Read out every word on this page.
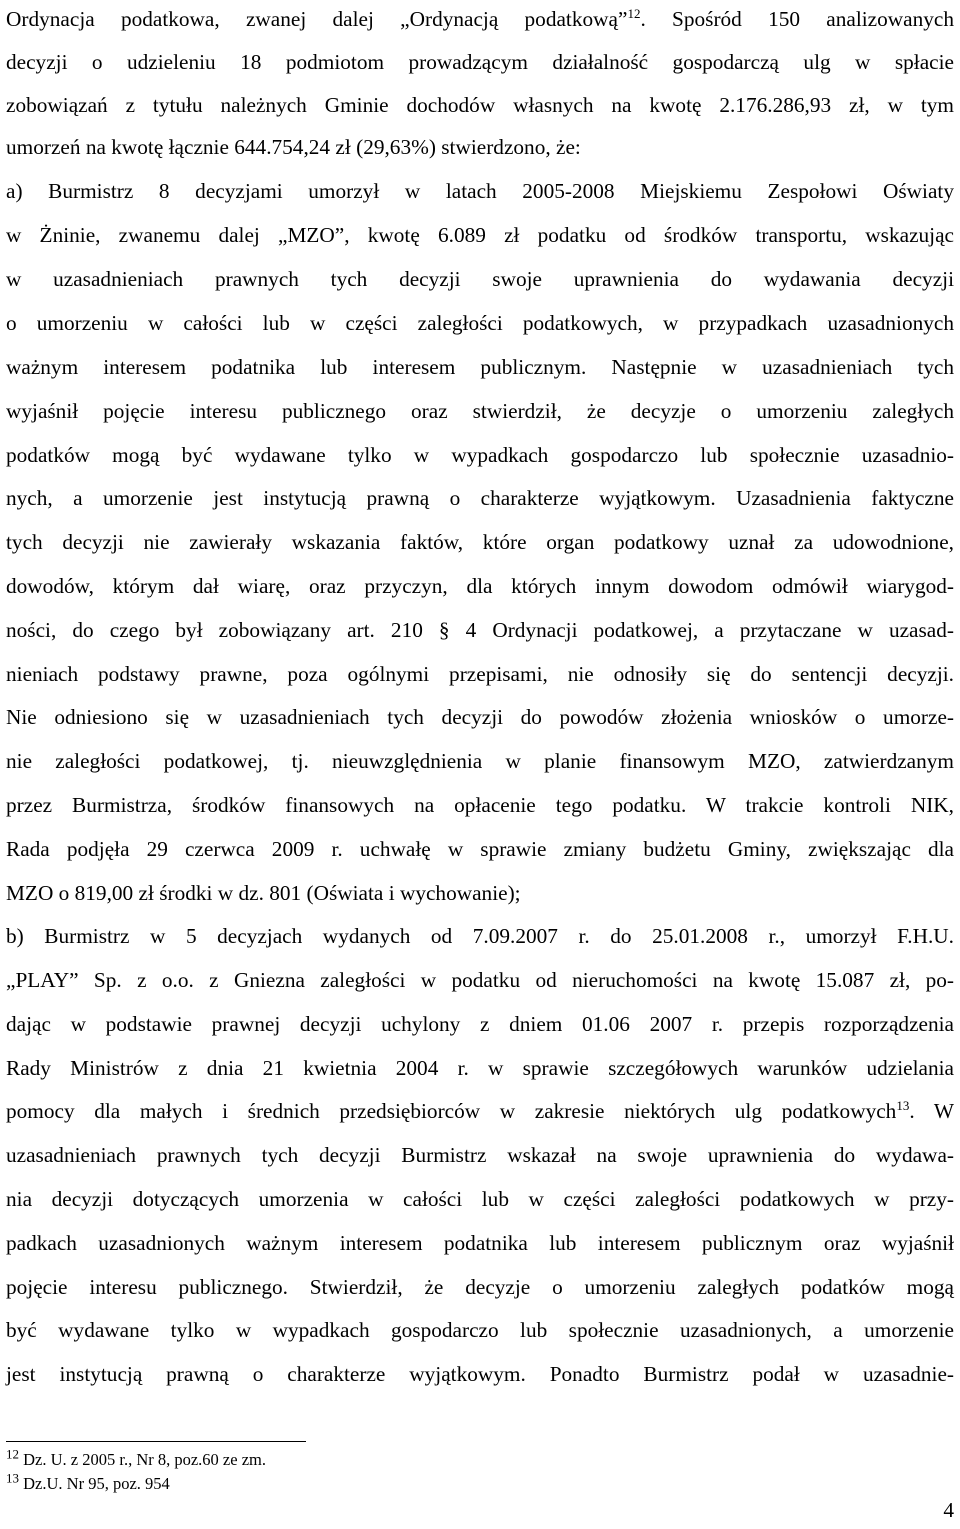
Ordynacja podatkowa, zwanej dalej „Ordynacją podatkową”$^{12}$. Spośród 150 analizowanych
decyzji o udzieleniu 18 podmiotom prowadzącym działalność gospodarczą ulg w spłacie
zobowiązań z tytułu należnych Gminie dochodów własnych na kwotę 2.176.286,93 zł, w tym
umorzeń na kwotę łącznie 644.754,24 zł (29,63%) stwierdzono, że:
a) Burmistrz 8 decyzjami umorzył w latach 2005-2008 Miejskiemu Zespołowi Oświaty
w Żninie, zwanemu dalej „MZO”, kwotę 6.089 zł podatku od środków transportu, wskazując
w uzasadnieniach prawnych tych decyzji swoje uprawnienia do wydawania decyzji
o umorzeniu w całości lub w części zaległości podatkowych, w przypadkach uzasadnionych
ważnym interesem podatnika lub interesem publicznym. Następnie w uzasadnieniach tych
wyjaśnił pojęcie interesu publicznego oraz stwierdził, że decyzje o umorzeniu zaległych
podatków mogą być wydawane tylko w wypadkach gospodarczo lub społecznie uzasadnio-
nych, a umorzenie jest instytucją prawną o charakterze wyjątkowym. Uzasadnienia faktyczne
tych decyzji nie zawierały wskazania faktów, które organ podatkowy uznał za udowodnione,
dowodów, którym dał wiarę, oraz przyczyn, dla których innym dowodom odmówił wiarygod-
ności, do czego był zobowiązany art. 210 § 4 Ordynacji podatkowej, a przytaczane w uzasad-
nieniach podstawy prawne, poza ogólnymi przepisami, nie odnosiły się do sentencji decyzji.
Nie odniesiono się w uzasadnieniach tych decyzji do powodów złożenia wniosków o umorze-
nie zaległości podatkowej, tj. nieuwzględnienia w planie finansowym MZO, zatwierdzanym
przez Burmistrza, środków finansowych na opłacenie tego podatku. W trakcie kontroli NIK,
Rada podjęła 29 czerwca 2009 r. uchwałę w sprawie zmiany budżetu Gminy, zwiększając dla
MZO o 819,00 zł środki w dz. 801 (Oświata i wychowanie);
b) Burmistrz w 5 decyzjach wydanych od 7.09.2007 r. do 25.01.2008 r., umorzył F.H.U.
„PLAY” Sp. z o.o. z Gniezna zaległości w podatku od nieruchomości na kwotę 15.087 zł, po-
dając w podstawie prawnej decyzji uchylony z dniem 01.06 2007 r. przepis rozporządzenia
Rady Ministrów z dnia 21 kwietnia 2004 r. w sprawie szczegółowych warunków udzielania
pomocy dla małych i średnich przedsiębiorców w zakresie niektórych ulg podatkowych$^{13}$. W
uzasadnieniach prawnych tych decyzji Burmistrz wskazał na swoje uprawnienia do wydawa-
nia decyzji dotyczących umorzenia w całości lub w części zaległości podatkowych w przy-
padkach uzasadnionych ważnym interesem podatnika lub interesem publicznym oraz wyjaśnił
pojęcie interesu publicznego. Stwierdził, że decyzje o umorzeniu zaległych podatków mogą
być wydawane tylko w wypadkach gospodarczo lub społecznie uzasadnionych, a umorzenie
jest instytucją prawną o charakterze wyjątkowym. Ponadto Burmistrz podał w uzasadnie-
$^{12}$ Dz. U. z 2005 r., Nr 8, poz.60 ze zm.
$^{13}$ Dz.U. Nr 95, poz. 954
4
